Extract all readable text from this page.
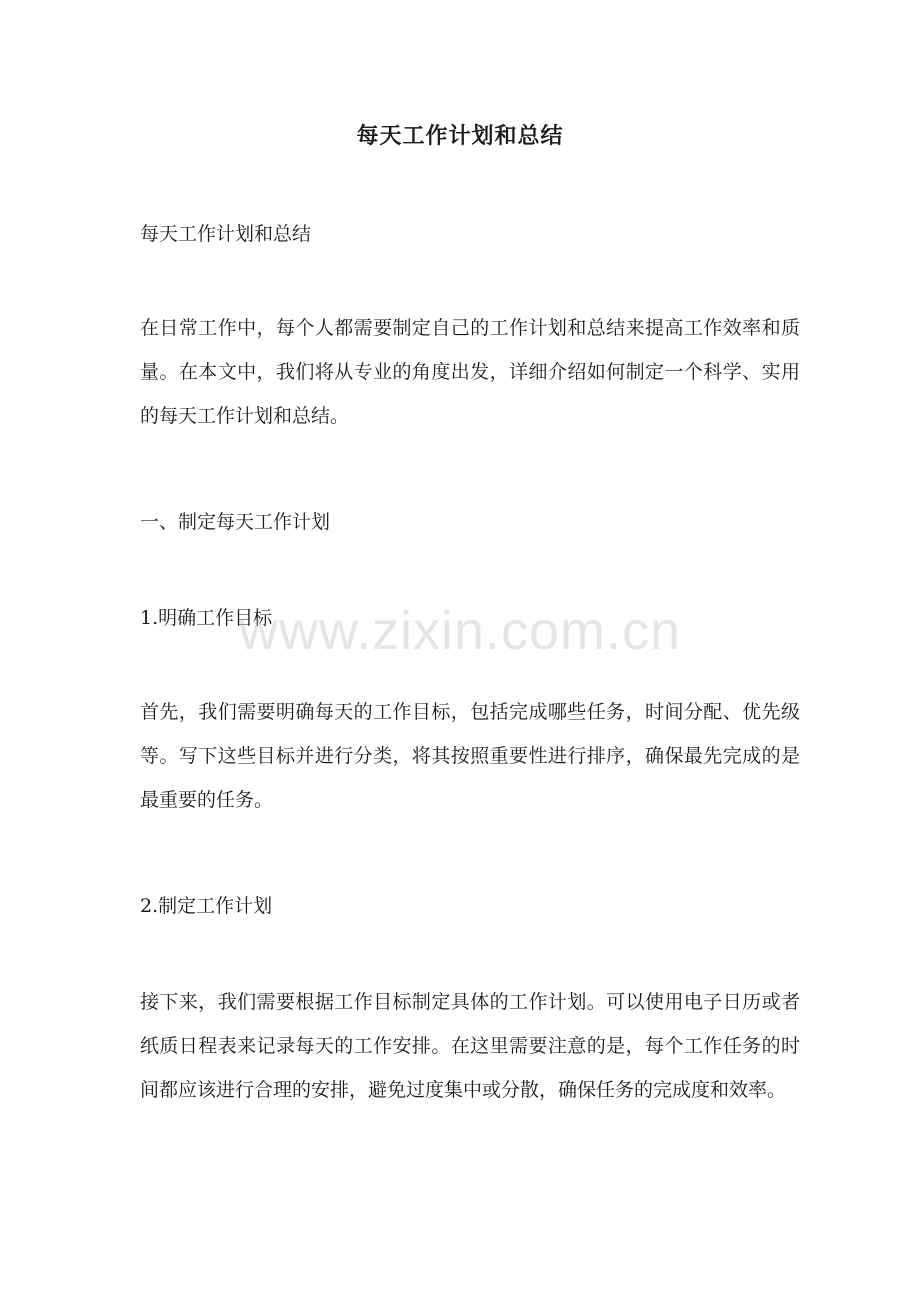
每天工作计划和总结

每天工作计划和总结

在日常工作中，每个人都需要制定自己的工作计划和总结来提高工作效率和质量。在本文中，我们将从专业的角度出发，详细介绍如何制定一个科学、实用的每天工作计划和总结。

一、制定每天工作计划

1.明确工作目标

首先，我们需要明确每天的工作目标，包括完成哪些任务，时间分配、优先级等。写下这些目标并进行分类，将其按照重要性进行排序，确保最先完成的是最重要的任务。

2.制定工作计划

接下来，我们需要根据工作目标制定具体的工作计划。可以使用电子日历或者纸质日程表来记录每天的工作安排。在这里需要注意的是，每个工作任务的时间都应该进行合理的安排，避免过度集中或分散，确保任务的完成度和效率。

www.zixin.com.cn
